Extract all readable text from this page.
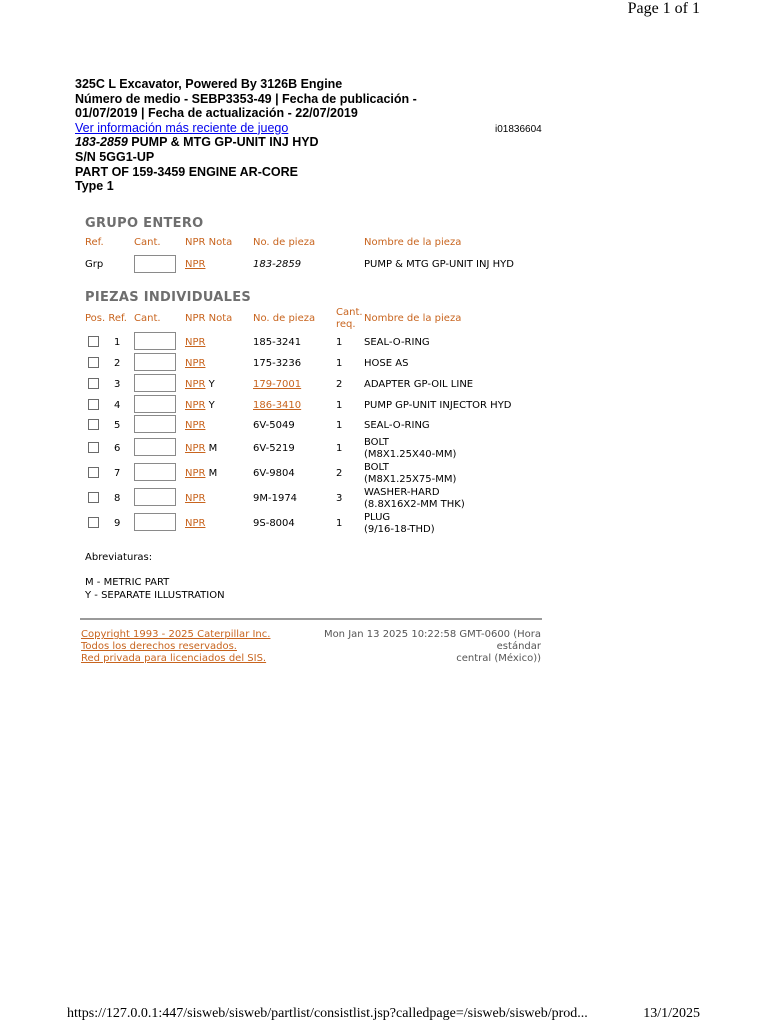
Page 1 of 1
325C L Excavator, Powered By 3126B Engine
Número de medio - SEBP3353-49 | Fecha de publicación -
01/07/2019 | Fecha de actualización - 22/07/2019
Ver información más reciente de juego
183-2859 PUMP & MTG GP-UNIT INJ HYD
S/N 5GG1-UP
PART OF 159-3459 ENGINE AR-CORE
Type 1
i01836604
GRUPO ENTERO
Ref.	Cant. NPR Nota No. de pieza	Nombre de la pieza
Grp	NPR	183-2859	PUMP & MTG GP-UNIT INJ HYD
PIEZAS INDIVIDUALES
Pos. Ref. Cant. NPR Nota No. de pieza
Cant.
req.
Nombre de la pieza
1	NPR	185-3241	1 SEAL-O-RING
2	NPR	175-3236	1 HOSE AS
3	NPR Y	179-7001	2 ADAPTER GP-OIL LINE
4	NPR Y	186-3410	1 PUMP GP-UNIT INJECTOR HYD
5	NPR	6V-5049	1 SEAL-O-RING
6	NPR M	6V-5219	1
BOLT
(M8X1.25X40-MM)
7	NPR M	6V-9804	2
BOLT
(M8X1.25X75-MM)
8	NPR	9M-1974	3
WASHER-HARD
(8.8X16X2-MM THK)
9	NPR	9S-8004	1
PLUG
(9/16-18-THD)
Abreviaturas:
M - METRIC PART
Y - SEPARATE ILLUSTRATION
Copyright 1993 - 2025 Caterpillar Inc.
Todos los derechos reservados.
Red privada para licenciados del SIS.
Mon Jan 13 2025 10:22:58 GMT-0600 (Hora estándar
central (México))
https://127.0.0.1:447/sisweb/sisweb/partlist/consistlist.jsp?calledpage=/sisweb/sisweb/prod...	13/1/2025
